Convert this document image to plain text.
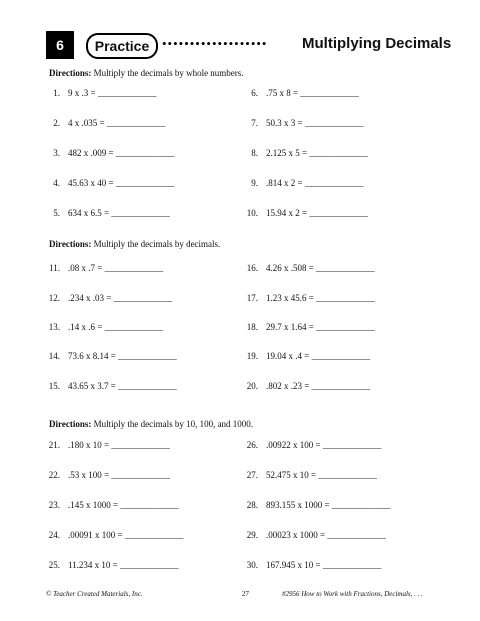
6	Practice •••••••••••••••••••	Multiplying Decimals
Directions: Multiply the decimals by whole numbers.
1. 9 x .3 = _____________
2. 4 x .035 = _____________
3. 482 x .009 = _____________
4. 45.63 x 40 = _____________
5. 634 x 6.5 = _____________
6. .75 x 8 = _____________
7. 50.3 x 3 = _____________
8. 2.125 x 5 = _____________
9. .814 x 2 = _____________
10. 15.94 x 2 = _____________
Directions: Multiply the decimals by decimals.
11. .08 x .7 = _____________
12. .234 x .03 = _____________
13. .14 x .6 = _____________
14. 73.6 x 8.14 = _____________
15. 43.65 x 3.7 = _____________
16. 4.26 x .508 = _____________
17. 1.23 x 45.6 = _____________
18. 29.7 x 1.64 = _____________
19. 19.04 x .4 = _____________
20. .802 x .23 = _____________
Directions: Multiply the decimals by 10, 100, and 1000.
21. .180 x 10 = _____________
22. .53 x 100 = _____________
23. .145 x 1000 = _____________
24. .00091 x 100 = _____________
25. 11.234 x 10 = _____________
26. .00922 x 100 = _____________
27. 52.475 x 10 = _____________
28. 893.155 x 1000 = _____________
29. .00023 x 1000 = _____________
30. 167.945 x 10 = _____________
© Teacher Created Materials, Inc.	27	#2956 How to Work with Fractions, Decimals, . . .
